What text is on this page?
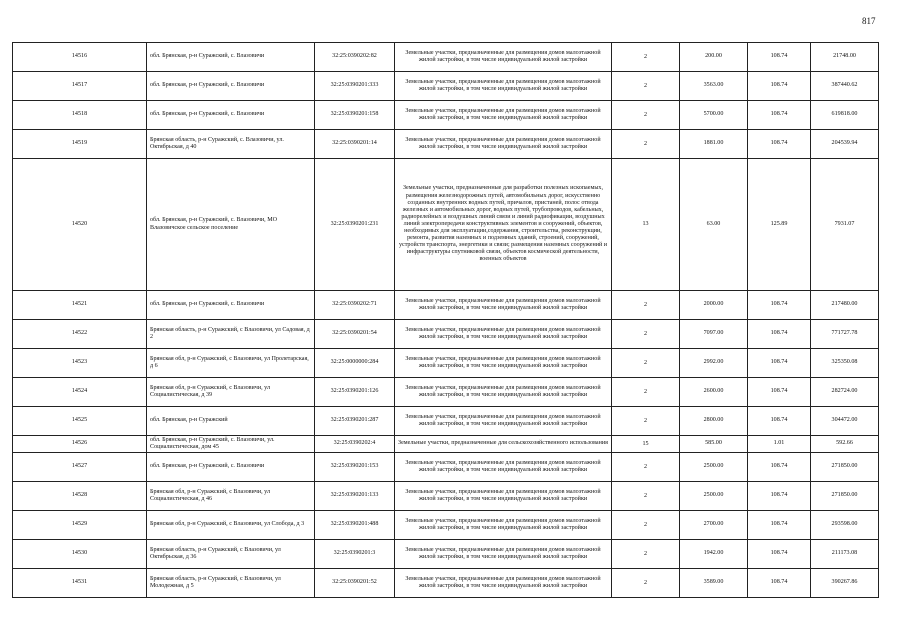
817
14516	обл. Брянская, р-н Суражский, с. Влазовичи	32:25:0390202:82	Земельные участки, предназначенные для размещения домов малоэтажной жилой застройки, в том числе индивидуальной жилой застройки	2	200.00	108.74	21748.00
14517	обл. Брянская, р-н Суражский, с. Влазовичи	32:25:0390201:333	Земельные участки, предназначенные для размещения домов малоэтажной жилой застройки, в том числе индивидуальной жилой застройки	2	3563.00	108.74	387440.62
14518	обл. Брянская, р-н Суражский, с. Влазовичи	32:25:0390201:158	Земельные участки, предназначенные для размещения домов малоэтажной жилой застройки, в том числе индивидуальной жилой застройки	2	5700.00	108.74	619818.00
14519	Брянская область, р-н Суражский, с. Влазовичи, ул. Октябрьская, д 40	32:25:0390201:14	Земельные участки, предназначенные для размещения домов малоэтажной жилой застройки, в том числе индивидуальной жилой застройки	2	1881.00	108.74	204539.94
14520	обл. Брянская, р-н Суражский, с. Влазовичи, МО Влазовичское сельское поселение	32:25:0390201:231	Земельные участки, предназначенные для разработки полезных ископаемых, размещения железнодорожных путей, автомобильных дорог, искусственно созданных внутренних водных путей, причалов, пристаней, полос отвода железных и автомобильных дорог, водных путей, трубопроводов, кабельных, радиорелейных и воздушных линий связи и линий радиофикации, воздушных линий электропередачи конструктивных элементов и сооружений, объектов, необходимых для эксплуатации,содержания, строительства, реконструкции, ремонта, развития наземных и подземных зданий, строений, сооружений, устройств транспорта, энергетики и связи; размещения наземных сооружений и инфраструктуры спутниковой связи, объектов космической деятельности, военных объектов	13	63.00	125.89	7931.07
14521	обл. Брянская, р-н Суражский, с. Влазовичи	32:25:0390202:71	Земельные участки, предназначенные для размещения домов малоэтажной жилой застройки, в том числе индивидуальной жилой застройки	2	2000.00	108.74	217480.00
14522	Брянская область, р-н Суражский, с Влазовичи, ул Садовая, д 2	32:25:0390201:54	Земельные участки, предназначенные для размещения домов малоэтажной жилой застройки, в том числе индивидуальной жилой застройки	2	7097.00	108.74	771727.78
14523	Брянская обл, р-н Суражский, с Влазовичи, ул Пролетарская, д 6	32:25:0000000:284	Земельные участки, предназначенные для размещения домов малоэтажной жилой застройки, в том числе индивидуальной жилой застройки	2	2992.00	108.74	325350.08
14524	Брянская обл, р-н Суражский, с Влазовичи, ул Социалистическая, д 39	32:25:0390201:126	Земельные участки, предназначенные для размещения домов малоэтажной жилой застройки, в том числе индивидуальной жилой застройки	2	2600.00	108.74	282724.00
14525	обл. Брянская, р-н Суражский	32:25:0390201:287	Земельные участки, предназначенные для размещения домов малоэтажной жилой застройки, в том числе индивидуальной жилой застройки	2	2800.00	108.74	304472.00
14526	обл. Брянская, р-н Суражский, с. Влазовичи, ул. Социалистическая, дом 45	32:25:0390202:4	Земельные участки, предназначенные для сельскохозяйственного использования	15	585.00	1.01	592.66
14527	обл. Брянская, р-н Суражский, с. Влазовичи	32:25:0390201:153	Земельные участки, предназначенные для размещения домов малоэтажной жилой застройки, в том числе индивидуальной жилой застройки	2	2500.00	108.74	271850.00
14528	Брянская обл, р-н Суражский, с Влазовичи, ул Социалистическая, д 46	32:25:0390201:133	Земельные участки, предназначенные для размещения домов малоэтажной жилой застройки, в том числе индивидуальной жилой застройки	2	2500.00	108.74	271850.00
14529	Брянская обл, р-н Суражский, с Влазовичи, ул Слобода, д 3	32:25:0390201:488	Земельные участки, предназначенные для размещения домов малоэтажной жилой застройки, в том числе индивидуальной жилой застройки	2	2700.00	108.74	293598.00
14530	Брянская область, р-н Суражский, с Влазовичи, ул Октябрьская, д 36	32:25:0390201:3	Земельные участки, предназначенные для размещения домов малоэтажной жилой застройки, в том числе индивидуальной жилой застройки	2	1942.00	108.74	211173.08
14531	Брянская область, р-н Суражский, с Влазовичи, ул Молодежная, д 5	32:25:0390201:52	Земельные участки, предназначенные для размещения домов малоэтажной жилой застройки, в том числе индивидуальной жилой застройки	2	3589.00	108.74	390267.86
